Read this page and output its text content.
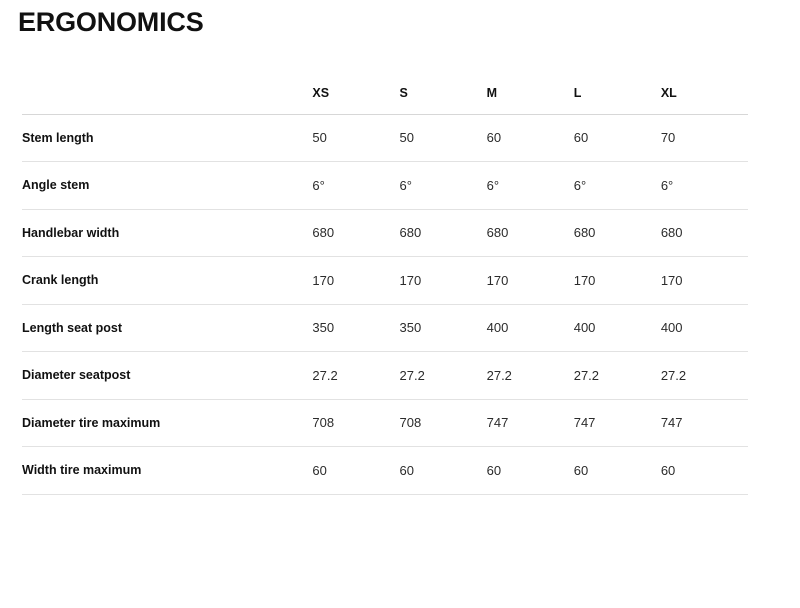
ERGONOMICS
	XS	S	M	L	XL
Stem length	50	50	60	60	70
Angle stem	6°	6°	6°	6°	6°
Handlebar width	680	680	680	680	680
Crank length	170	170	170	170	170
Length seat post	350	350	400	400	400
Diameter seatpost	27.2	27.2	27.2	27.2	27.2
Diameter tire maximum	708	708	747	747	747
Width tire maximum	60	60	60	60	60
